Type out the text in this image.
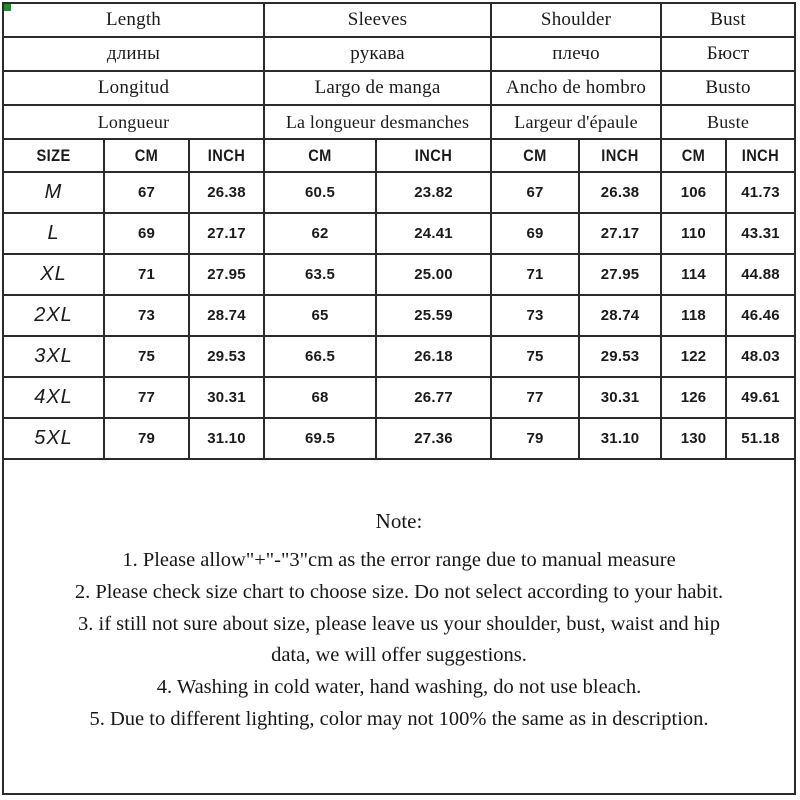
Length			Sleeves		Shoulder		Bust	
длины			рукава		плечо		Бюст	
Longitud			Largo de manga		Ancho de hombro		Busto	
Longueur			La longueur desmanches		Largeur d'épaule		Buste	
SIZE	CM	INCH	CM	INCH	CM	INCH	CM	INCH
M	67	26.38	60.5	23.82	67	26.38	106	41.73
L	69	27.17	62	24.41	69	27.17	110	43.31
XL	71	27.95	63.5	25.00	71	27.95	114	44.88
2XL	73	28.74	65	25.59	73	28.74	118	46.46
3XL	75	29.53	66.5	26.18	75	29.53	122	48.03
4XL	77	30.31	68	26.77	77	30.31	126	49.61
5XL	79	31.10	69.5	27.36	79	31.10	130	51.18
Note:
1. Please allow"+"-"3"cm as the error range due to manual measure
2. Please check size chart to choose size. Do not select according to your habit.
3. if still not sure about size, please leave us your shoulder, bust, waist and hip
data, we will offer suggestions.
4. Washing in cold water, hand washing, do not use bleach.
5. Due to different lighting, color may not 100% the same as in description.
